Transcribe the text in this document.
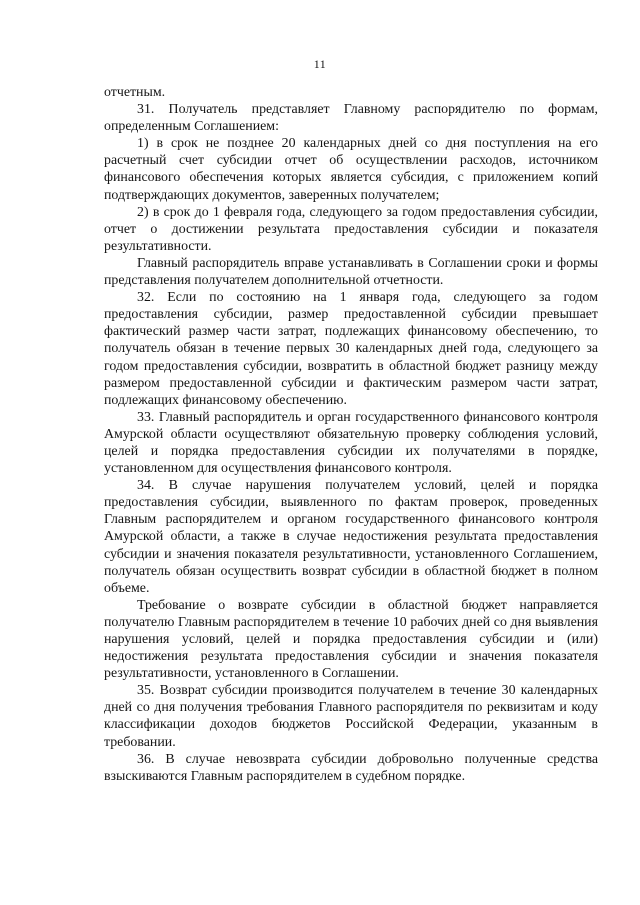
11

отчетным.

31. Получатель представляет Главному распорядителю по формам, определенным Соглашением:

1) в срок не позднее 20 календарных дней со дня поступления на его расчетный счет субсидии отчет об осуществлении расходов, источником финансового обеспечения которых является субсидия, с приложением копий подтверждающих документов, заверенных получателем;

2) в срок до 1 февраля года, следующего за годом предоставления субсидии, отчет о достижении результата предоставления субсидии и показателя результативности.

Главный распорядитель вправе устанавливать в Соглашении сроки и формы представления получателем дополнительной отчетности.

32. Если по состоянию на 1 января года, следующего за годом предоставления субсидии, размер предоставленной субсидии превышает фактический размер части затрат, подлежащих финансовому обеспечению, то получатель обязан в течение первых 30 календарных дней года, следующего за годом предоставления субсидии, возвратить в областной бюджет разницу между размером предоставленной субсидии и фактическим размером части затрат, подлежащих финансовому обеспечению.

33. Главный распорядитель и орган государственного финансового контроля Амурской области осуществляют обязательную проверку соблюдения условий, целей и порядка предоставления субсидии их получателями в порядке, установленном для осуществления финансового контроля.

34. В случае нарушения получателем условий, целей и порядка предоставления субсидии, выявленного по фактам проверок, проведенных Главным распорядителем и органом государственного финансового контроля Амурской области, а также в случае недостижения результата предоставления субсидии и значения показателя результативности, установленного Соглашением, получатель обязан осуществить возврат субсидии в областной бюджет в полном объеме.

Требование о возврате субсидии в областной бюджет направляется получателю Главным распорядителем в течение 10 рабочих дней со дня выявления нарушения условий, целей и порядка предоставления субсидии и (или) недостижения результата предоставления субсидии и значения показателя результативности, установленного в Соглашении.

35. Возврат субсидии производится получателем в течение 30 календарных дней со дня получения требования Главного распорядителя по реквизитам и коду классификации доходов бюджетов Российской Федерации, указанным в требовании.

36. В случае невозврата субсидии добровольно полученные средства взыскиваются Главным распорядителем в судебном порядке.
